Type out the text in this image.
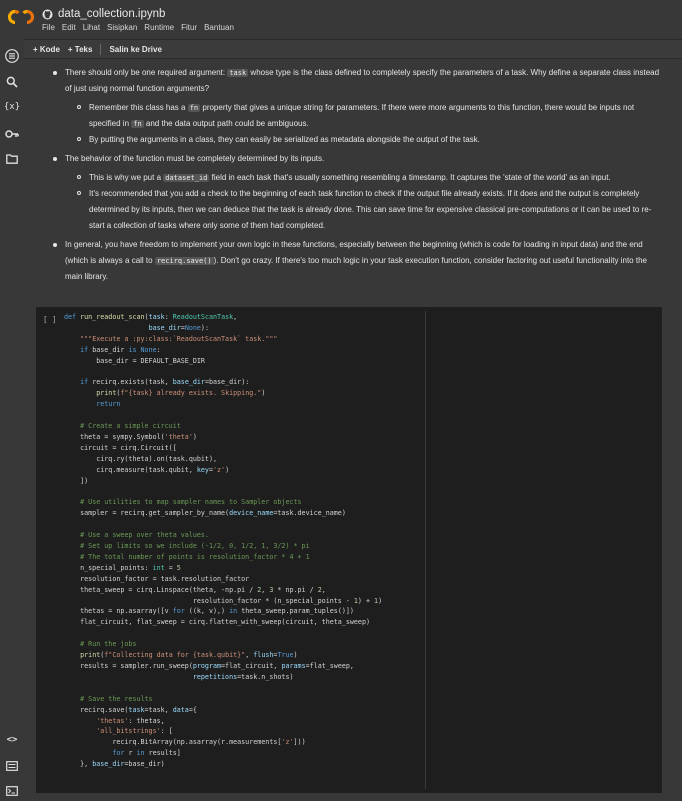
data_collection.ipynb
File Edit Lihat Sisipkan Runtime Fitur Bantuan
+ Kode + Teks Salin ke Drive
{x}
<>
There should only be one required argument: task whose type is the class defined to completely specify the parameters of a task. Why define a separate class instead of just using normal function arguments?
Remember this class has a fn property that gives a unique string for parameters. If there were more arguments to this function, there would be inputs not specified in fn and the data output path could be ambiguous.
By putting the arguments in a class, they can easily be serialized as metadata alongside the output of the task.
The behavior of the function must be completely determined by its inputs.
This is why we put a dataset_id field in each task that's usually something resembling a timestamp. It captures the 'state of the world' as an input.
It's recommended that you add a check to the beginning of each task function to check if the output file already exists. If it does and the output is completely determined by its inputs, then we can deduce that the task is already done. This can save time for expensive classical pre-computations or it can be used to re-start a collection of tasks where only some of them had completed.
In general, you have freedom to implement your own logic in these functions, especially between the beginning (which is code for loading in input data) and the end (which is always a call to recirq.save() ). Don't go crazy. If there's too much logic in your task execution function, consider factoring out useful functionality into the main library.
[ ] def run_readout_scan(task: ReadoutScanTask,
base_dir=None):
"""Execute a :py:class:`ReadoutScanTask` task."""
if base_dir is None:
base_dir = DEFAULT_BASE_DIR

if recirq.exists(task, base_dir=base_dir):
print(f"{task} already exists. Skipping.")
return

# Create a simple circuit
theta = sympy.Symbol('theta')
circuit = cirq.Circuit([
cirq.ry(theta).on(task.qubit),
cirq.measure(task.qubit, key='z')
])

# Use utilities to map sampler names to Sampler objects
sampler = recirq.get_sampler_by_name(device_name=task.device_name)

# Use a sweep over theta values.
# Set up limits so we include (-1/2, 0, 1/2, 1, 3/2) * pi
# The total number of points is resolution_factor * 4 + 1
n_special_points: int = 5
resolution_factor = task.resolution_factor
theta_sweep = cirq.Linspace(theta, -np.pi / 2, 3 * np.pi / 2,
resolution_factor * (n_special_points - 1) + 1)
thetas = np.asarray([v for ((k, v),) in theta_sweep.param_tuples()])
flat_circuit, flat_sweep = cirq.flatten_with_sweep(circuit, theta_sweep)

# Run the jobs
print(f"Collecting data for {task.qubit}", flush=True)
results = sampler.run_sweep(program=flat_circuit, params=flat_sweep,
repetitions=task.n_shots)

# Save the results
recirq.save(task=task, data={
'thetas': thetas,
'all_bitstrings': [
recirq.BitArray(np.asarray(r.measurements['z']))
for r in results]
}, base_dir=base_dir)
